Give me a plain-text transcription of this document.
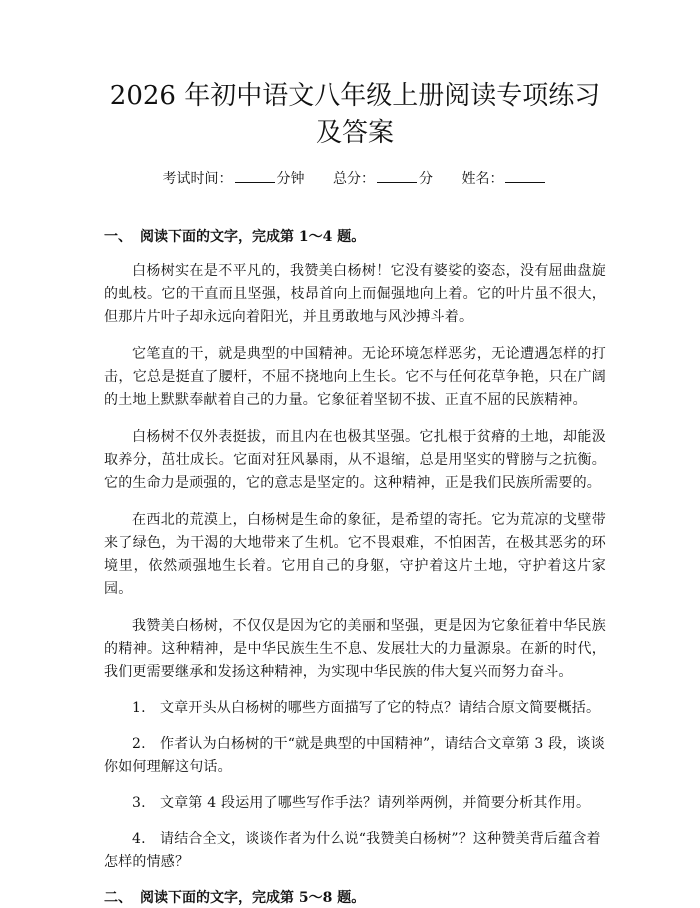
2026 年初中语文八年级上册阅读专项练习及答案
考试时间：	分钟 总分：	分 姓名：

一、 阅读下面的文字，完成第 1～4 题。

白杨树实在是不平凡的，我赞美白杨树！它没有婆娑的姿态，没有屈曲盘旋的虬枝。它的干直而且坚强，枝昂首向上而倔强地向上着。它的叶片虽不很大，但那片片叶子却永远向着阳光，并且勇敢地与风沙搏斗着。

它笔直的干，就是典型的中国精神。无论环境怎样恶劣，无论遭遇怎样的打击，它总是挺直了腰杆，不屈不挠地向上生长。它不与任何花草争艳，只在广阔的土地上默默奉献着自己的力量。它象征着坚韧不拔、正直不屈的民族精神。

白杨树不仅外表挺拔，而且内在也极其坚强。它扎根于贫瘠的土地，却能汲取养分，茁壮成长。它面对狂风暴雨，从不退缩，总是用坚实的臂膀与之抗衡。它的生命力是顽强的，它的意志是坚定的。这种精神，正是我们民族所需要的。

在西北的荒漠上，白杨树是生命的象征，是希望的寄托。它为荒凉的戈壁带来了绿色，为干渴的大地带来了生机。它不畏艰难，不怕困苦，在极其恶劣的环境里，依然顽强地生长着。它用自己的身躯，守护着这片土地，守护着这片家园。

我赞美白杨树，不仅仅是因为它的美丽和坚强，更是因为它象征着中华民族的精神。这种精神，是中华民族生生不息、发展壮大的力量源泉。在新的时代，我们更需要继承和发扬这种精神，为实现中华民族的伟大复兴而努力奋斗。

1. 文章开头从白杨树的哪些方面描写了它的特点？请结合原文简要概括。

2. 作者认为白杨树的干“就是典型的中国精神”，请结合文章第 3 段，谈谈你如何理解这句话。

3. 文章第 4 段运用了哪些写作手法？请列举两例，并简要分析其作用。

4. 请结合全文，谈谈作者为什么说“我赞美白杨树”？这种赞美背后蕴含着怎样的情感？

二、 阅读下面的文字，完成第 5～8 题。
